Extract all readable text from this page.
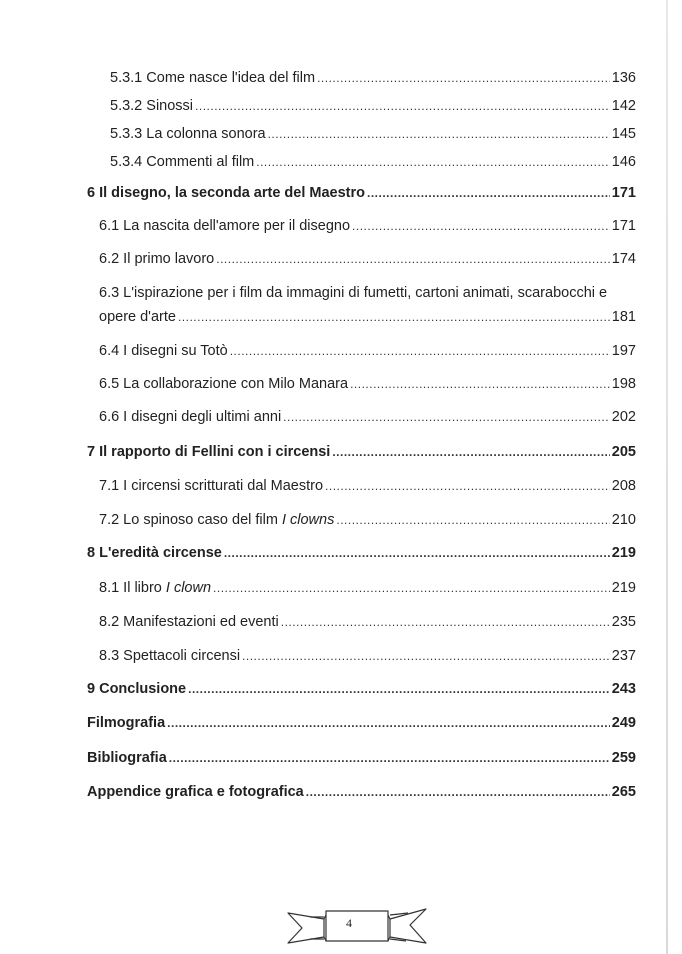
5.3.1 Come nasce l'idea del film .....	136
5.3.2 Sinossi .....	142
5.3.3 La colonna sonora .....	145
5.3.4 Commenti al film .....	146
6 Il disegno, la seconda arte del Maestro .....	171
6.1 La nascita dell'amore per il disegno .....	171
6.2 Il primo lavoro .....	174
6.3 L'ispirazione per i film da immagini di fumetti, cartoni animati, scarabocchi e
opere d'arte .....	181
6.4 I disegni su Totò .....	197
6.5 La collaborazione con Milo Manara .....	198
6.6 I disegni degli ultimi anni .....	202
7 Il rapporto di Fellini con i circensi .....	205
7.1 I circensi scritturati dal Maestro .....	208
7.2 Lo spinoso caso del film I clowns .....	210
8 L'eredità circense .....	219
8.1 Il libro I clown .....	219
8.2 Manifestazioni ed eventi .....	235
8.3 Spettacoli circensi .....	237
9 Conclusione .....	243
Filmografia .....	249
Bibliografia .....	259
Appendice grafica e fotografica .....	265
4
